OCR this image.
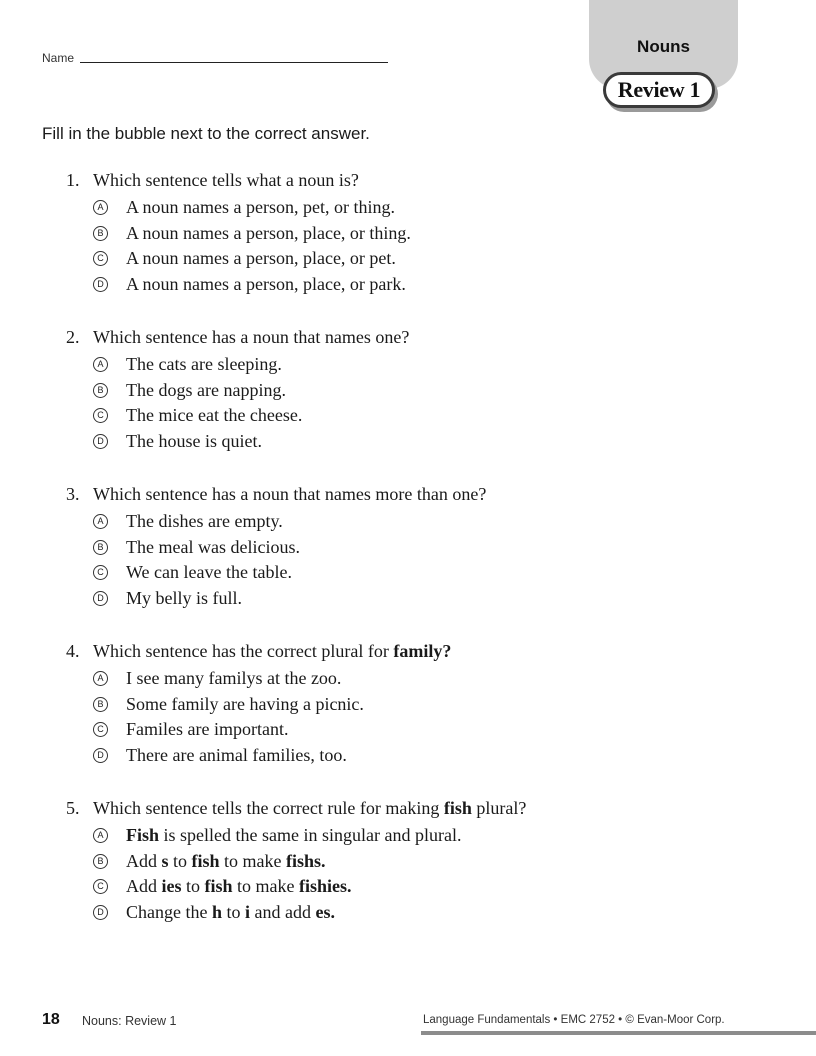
Name
Nouns
Review 1
Fill in the bubble next to the correct answer.
1. Which sentence tells what a noun is?
A A noun names a person, pet, or thing.
B A noun names a person, place, or thing.
C A noun names a person, place, or pet.
D A noun names a person, place, or park.
2. Which sentence has a noun that names one?
A The cats are sleeping.
B The dogs are napping.
C The mice eat the cheese.
D The house is quiet.
3. Which sentence has a noun that names more than one?
A The dishes are empty.
B The meal was delicious.
C We can leave the table.
D My belly is full.
4. Which sentence has the correct plural for family?
A I see many familys at the zoo.
B Some family are having a picnic.
C Familes are important.
D There are animal families, too.
5. Which sentence tells the correct rule for making fish plural?
A Fish is spelled the same in singular and plural.
B Add s to fish to make fishs.
C Add ies to fish to make fishies.
D Change the h to i and add es.
18 Nouns: Review 1	Language Fundamentals • EMC 2752 • © Evan-Moor Corp.
